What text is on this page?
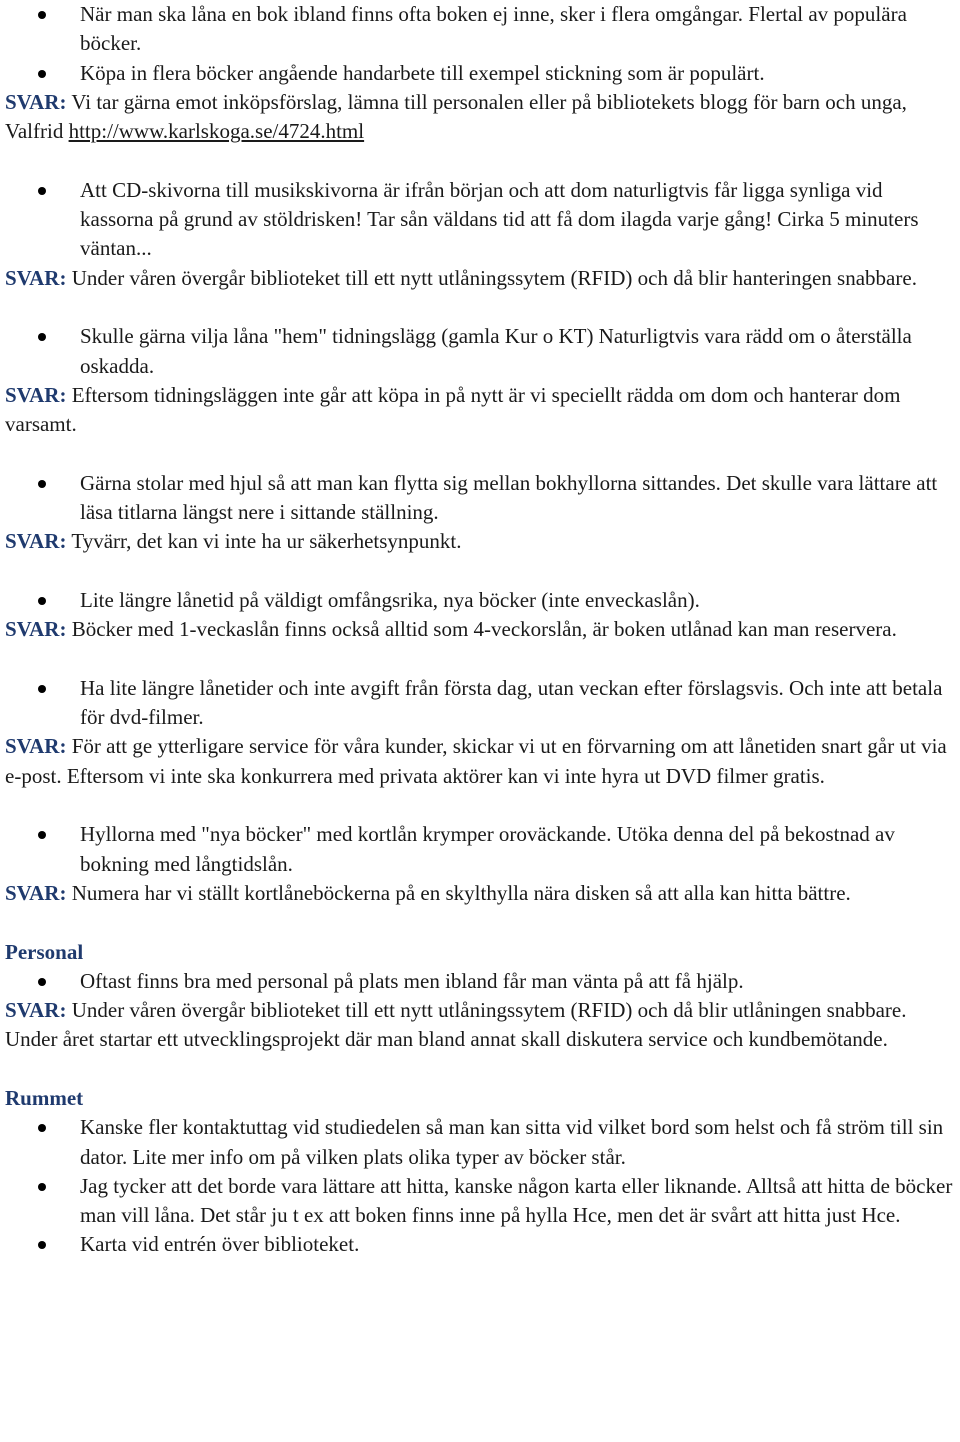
När man ska låna en bok ibland finns ofta boken ej inne, sker i flera omgångar. Flertal av populära böcker.

Köpa in flera böcker angående handarbete till exempel stickning som är populärt.

SVAR: Vi tar gärna emot inköpsförslag, lämna till personalen eller på bibliotekets blogg för barn och unga, Valfrid http://www.karlskoga.se/4724.html

Att CD-skivorna till musikskivorna är ifrån början och att dom naturligtvis får ligga synliga vid kassorna på grund av stöldrisken! Tar sån väldans tid att få dom ilagda varje gång! Cirka 5 minuters väntan...

SVAR: Under våren övergår biblioteket till ett nytt utlåningssytem (RFID) och då blir hanteringen snabbare.

Skulle gärna vilja låna "hem" tidningslägg (gamla Kur o KT) Naturligtvis vara rädd om o återställa oskadda.

SVAR: Eftersom tidningsläggen inte går att köpa in på nytt är vi speciellt rädda om dom och hanterar dom varsamt.

Gärna stolar med hjul så att man kan flytta sig mellan bokhyllorna sittandes. Det skulle vara lättare att läsa titlarna längst nere i sittande ställning.

SVAR: Tyvärr, det kan vi inte ha ur säkerhetsynpunkt.

Lite längre lånetid på väldigt omfångsrika, nya böcker (inte enveckaslån).

SVAR: Böcker med 1-veckaslån finns också alltid som 4-veckorslån, är boken utlånad kan man reservera.

Ha lite längre lånetider och inte avgift från första dag, utan veckan efter förslagsvis. Och inte att betala för dvd-filmer.

SVAR: För att ge ytterligare service för våra kunder, skickar vi ut en förvarning om att lånetiden snart går ut via e-post. Eftersom vi inte ska konkurrera med privata aktörer kan vi inte hyra ut DVD filmer gratis.

Hyllorna med "nya böcker" med kortlån krymper oroväckande. Utöka denna del på bekostnad av bokning med långtidslån.

SVAR: Numera har vi ställt kortlåneböckerna på en skylthylla nära disken så att alla kan hitta bättre.

Personal

Oftast finns bra med personal på plats men ibland får man vänta på att få hjälp.

SVAR: Under våren övergår biblioteket till ett nytt utlåningssytem (RFID) och då blir utlåningen snabbare. Under året startar ett utvecklingsprojekt där man bland annat skall diskutera service och kundbemötande.

Rummet

Kanske fler kontaktuttag vid studiedelen så man kan sitta vid vilket bord som helst och få ström till sin dator. Lite mer info om på vilken plats olika typer av böcker står.

Jag tycker att det borde vara lättare att hitta, kanske någon karta eller liknande. Alltså att hitta de böcker man vill låna. Det står ju t ex att boken finns inne på hylla Hce, men det är svårt att hitta just Hce.

Karta vid entrén över biblioteket.
